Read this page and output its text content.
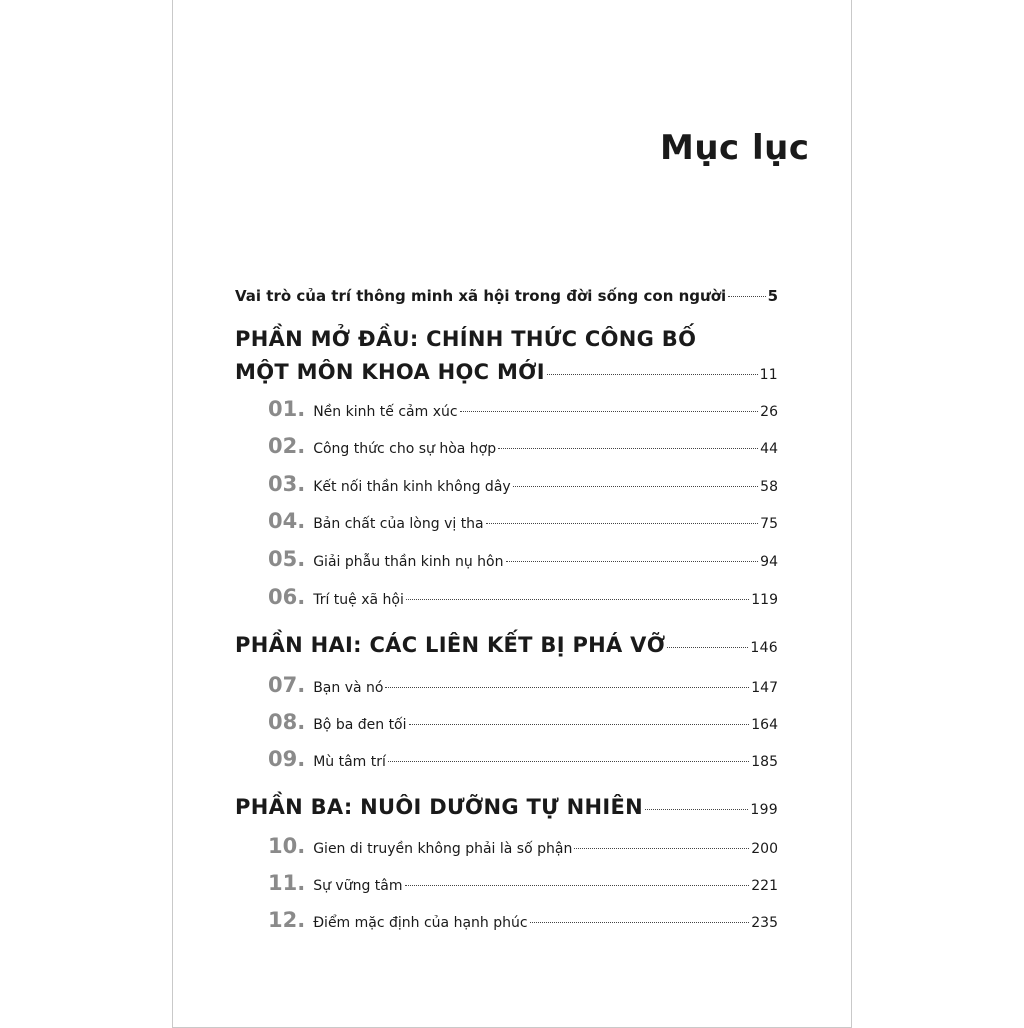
Mục lục
Vai trò của trí thông minh xã hội trong đời sống con người	5
PHẦN MỞ ĐẦU: CHÍNH THỨC CÔNG BỐ
MỘT MÔN KHOA HỌC MỚI	11
01. Nền kinh tế cảm xúc	26
02. Công thức cho sự hòa hợp	44
03. Kết nối thần kinh không dây	58
04. Bản chất của lòng vị tha	75
05. Giải phẫu thần kinh nụ hôn	94
06. Trí tuệ xã hội	119
PHẦN HAI: CÁC LIÊN KẾT BỊ PHÁ VỠ	146
07. Bạn và nó	147
08. Bộ ba đen tối	164
09. Mù tâm trí	185
PHẦN BA: NUÔI DƯỠNG TỰ NHIÊN	199
10. Gien di truyền không phải là số phận	200
11. Sự vững tâm	221
12. Điểm mặc định của hạnh phúc	235
